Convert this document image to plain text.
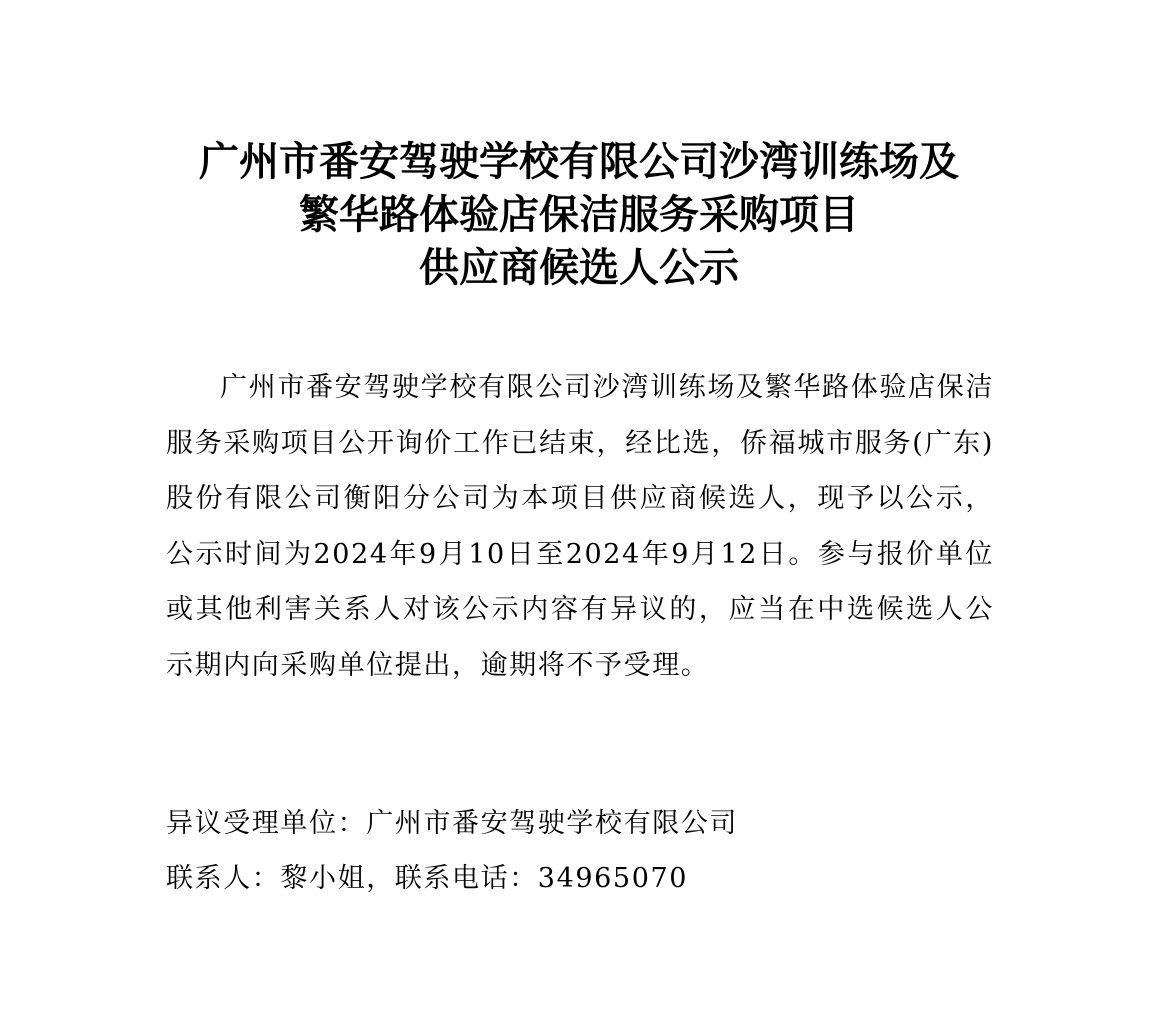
广州市番安驾驶学校有限公司沙湾训练场及
繁华路体验店保洁服务采购项目
供应商候选人公示

广州市番安驾驶学校有限公司沙湾训练场及繁华路体验店保洁服务采购项目公开询价工作已结束，经比选，侨福城市服务(广东)股份有限公司衡阳分公司为本项目供应商候选人，现予以公示，公示时间为2024年9月10日至2024年9月12日。参与报价单位或其他利害关系人对该公示内容有异议的，应当在中选候选人公示期内向采购单位提出，逾期将不予受理。

异议受理单位：广州市番安驾驶学校有限公司
联系人：黎小姐，联系电话：34965070
